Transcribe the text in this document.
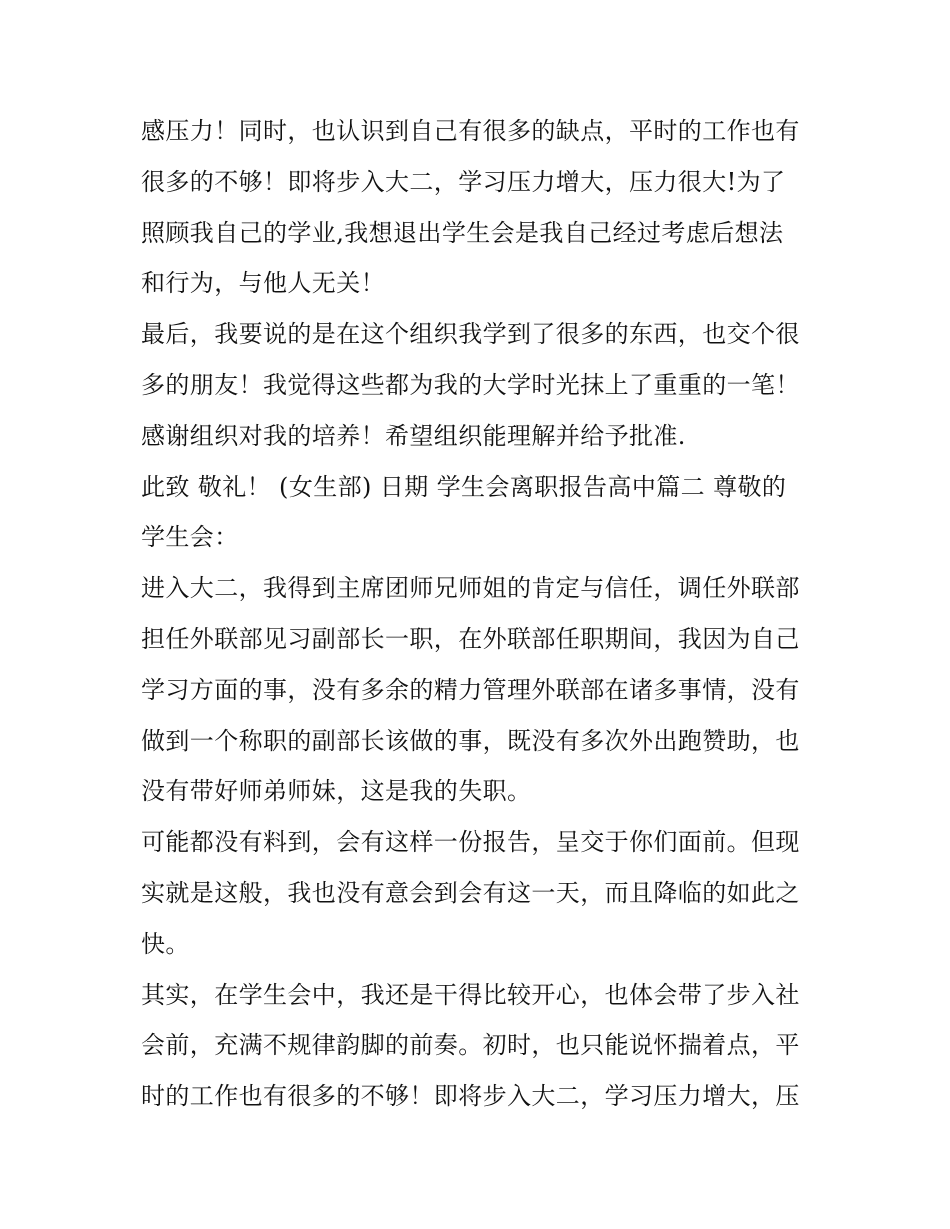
感压力！同时，也认识到自己有很多的缺点，平时的工作也有
很多的不够！即将步入大二，学习压力增大，压力很大!为了
照顾我自己的学业,我想退出学生会是我自己经过考虑后想法
和行为，与他人无关！
最后，我要说的是在这个组织我学到了很多的东西，也交个很
多的朋友！我觉得这些都为我的大学时光抹上了重重的一笔！
感谢组织对我的培养！希望组织能理解并给予批准.
此致 敬礼！ (女生部) 日期 学生会离职报告高中篇二 尊敬的
学生会：
进入大二，我得到主席团师兄师姐的肯定与信任，调任外联部
担任外联部见习副部长一职，在外联部任职期间，我因为自己
学习方面的事，没有多余的精力管理外联部在诸多事情，没有
做到一个称职的副部长该做的事，既没有多次外出跑赞助，也
没有带好师弟师妹，这是我的失职。
可能都没有料到，会有这样一份报告，呈交于你们面前。但现
实就是这般，我也没有意会到会有这一天，而且降临的如此之
快。
其实，在学生会中，我还是干得比较开心，也体会带了步入社
会前，充满不规律韵脚的前奏。初时，也只能说怀揣着点，平
时的工作也有很多的不够！即将步入大二，学习压力增大，压
